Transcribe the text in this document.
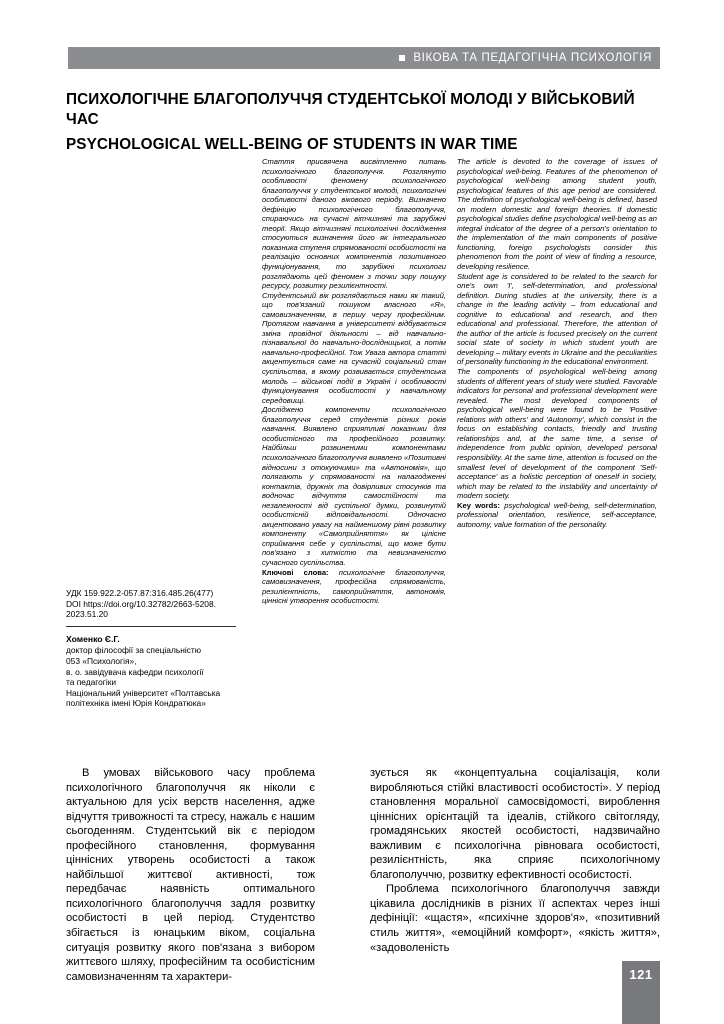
ВІКОВА ТА ПЕДАГОГІЧНА ПСИХОЛОГІЯ
ПСИХОЛОГІЧНЕ БЛАГОПОЛУЧЧЯ СТУДЕНТСЬКОЇ МОЛОДІ У ВІЙСЬКОВИЙ ЧАС
PSYCHOLOGICAL WELL-BEING OF STUDENTS IN WAR TIME
УДК 159.922.2-057.87:316.485.26(477)
DOI https://doi.org/10.32782/2663-5208.
2023.51.20
Хоменко Є.Г.
доктор філософії за спеціальністю
053 «Психологія»,
в. о. завідувача кафедри психології
та педагогіки
Національний університет «Полтавська
політехніка імені Юрія Кондратюка»

Стаття присвячена висвітленню питань психологічного благополуччя. Розглянуто особливості феномену психологічного благополуччя у студентської молоді, психологічні особливості даного вікового періоду. Визначено дефініцію психологічного благополуччя, спираючись на сучасні вітчизняні та зарубіжні теорії. Якщо вітчизняні психологічні дослідження стосуються визначення його як інтегрального показника ступеня спрямованості особистості на реалізацію основних компонентів позитивного функціонування, то зарубіжні психологи розглядають цей феномен з точки зору пошуку ресурсу, розвитку резилієнтності.

Студентський вік розглядається нами як такий, що пов'язаний пошуком власного «Я», самовизначенням, в першу чергу професійним. Протягом навчання в університеті відбувається зміна провідної діяльності – від навчально-пізнавальної до навчально-дослідницької, а потім навчально-професійної. Тож Увага автора статті акцентується саме на сучасній соціальний стан суспільства, в якому розвивається студентська молодь – військові події в Україні і особливості функціонування особистості у навчальному середовищі.

Досліджено компоненти психологічного благополуччя серед студентів різних років навчання. Виявлено сприятливі показники для особистісного та професійного розвитку. Найбільш розвиненими компонентами психологічного благополуччя виявлено «Позитивні відносини з отокуючими» та «Автономія», що полягають у спрямованості на налагодженні контактів, дружніх та довірливих стосунків та водночас відчуття самостійності та незалежності від суспільної думки, розвинутій особистісній відповідальності. Одночасно акцентовано увагу на найменшому рівні розвитку компоненту «Самоприйняття» як цілісне сприймання себе у суспільстві, що може бути пов'язано з хиткістю та невизначеністю сучасного суспільства.

Ключові слова: психологічне благополуччя, самовизначення, професійна спрямованість, резилієнтність, самоприйняття, автономія, ціннісні утворення особистості.

The article is devoted to the coverage of issues of psychological well-being. Features of the phenomenon of psychological well-being among student youth, psychological features of this age period are considered. The definition of psychological well-being is defined, based on modern domestic and foreign theories. If domestic psychological studies define psychological well-being as an integral indicator of the degree of a person's orientation to the implementation of the main components of positive functioning, foreign psychologists consider this phenomenon from the point of view of finding a resource, developing resilience.

Student age is considered to be related to the search for one's own 'I', self-determination, and professional definition. During studies at the university, there is a change in the leading activity – from educational and cognitive to educational and research, and then educational and professional. Therefore, the attention of the author of the article is focused precisely on the current social state of society in which student youth are developing – military events in Ukraine and the peculiarities of personality functioning in the educational environment.

The components of psychological well-being among students of different years of study were studied. Favorable indicators for personal and professional development were revealed. The most developed components of psychological well-being were found to be 'Positive relations with others' and 'Autonomy', which consist in the focus on establishing contacts, friendly and trusting relationships and, at the same time, a sense of independence from public opinion, developed personal responsibility. At the same time, attention is focused on the smallest level of development of the component 'Self-acceptance' as a holistic perception of oneself in society, which may be related to the instability and uncertainty of modern society.

Key words: psychological well-being, self-determination, professional orientation, resilience, self-acceptance, autonomy, value formation of the personality.

В умовах військового часу проблема психологічного благополуччя як ніколи є актуальною для усіх верств населення, адже відчуття тривожності та стресу, нажаль є нашим сьогоденням. Студентський вік є періодом професійного становлення, формування ціннісних утворень особистості а також найбільшої життєвої активності, тож передбачає наявність оптимального психологічного благополуччя задля розвитку особистості в цей період. Студентство збігається із юнацьким віком, соціальна ситуація розвитку якого пов'язана з вибором життєвого шляху, професійним та особистісним самовизначенням та характери-

зується як «концептуальна соціалізація, коли виробляються стійкі властивості особистості». У період становлення моральної самосвідомості, вироблення ціннісних орієнтацій та ідеалів, стійкого світогляду, громадянських якостей особистості, надзвичайно важливим є психологічна рівновага особистості, резилієнтність, яка сприяє психологічному благополуччю, розвитку ефективності особистості.

Проблема психологічного благополуччя завжди цікавила дослідників в різних її аспектах через інші дефініції: «щастя», «психічне здоров'я», «позитивний стиль життя», «емоційний комфорт», «якість життя», «задоволеність

121
